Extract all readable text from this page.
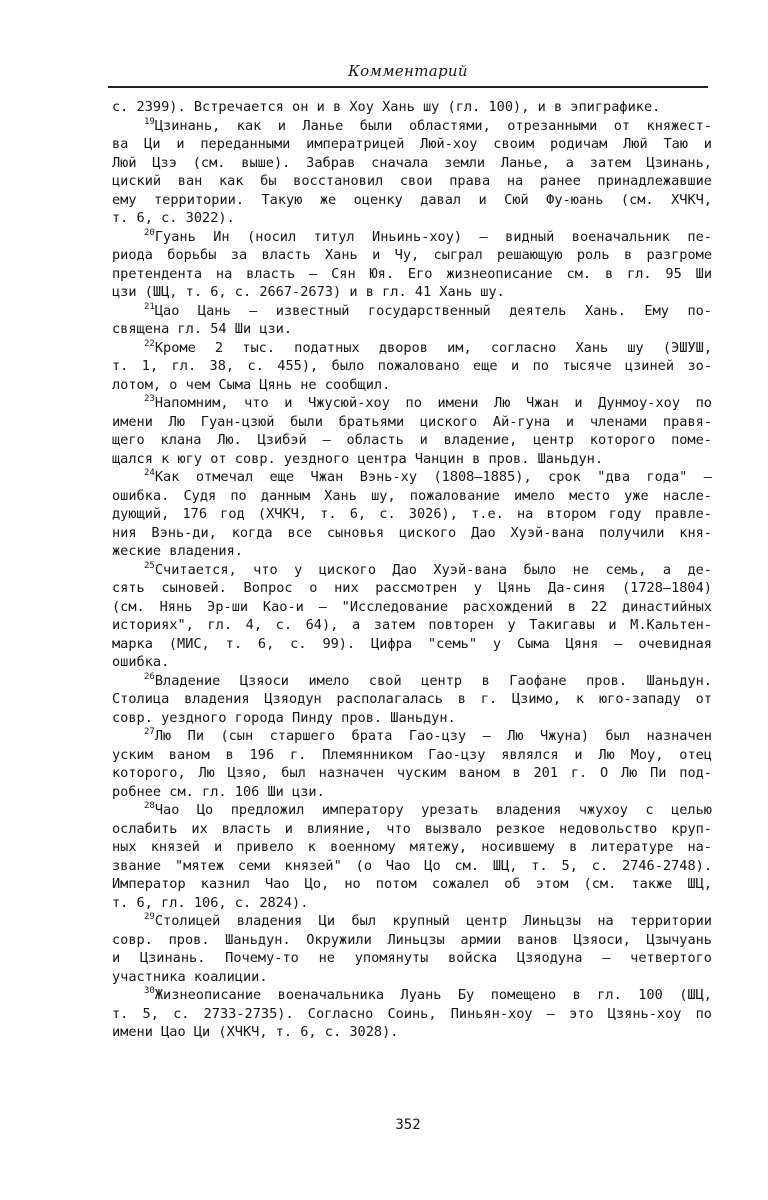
Комментарий
с. 2399). Встречается он и в Хоу Хань шу (гл. 100), и в эпиграфике.
$^{19}$Цзинань, как и Ланье были областями, отрезанными от княжест-
ва Ци и переданными императрицей Люй-хоу своим родичам Люй Таю и
Люй Цзэ (см. выше). Забрав сначала земли Ланье, а затем Цзинань,
циский ван как бы восстановил свои права на ранее принадлежавшие
ему территории. Такую же оценку давал и Сюй Фу-юань (см. ХЧКЧ,
т. 6, с. 3022).
$^{20}$Гуань Ин (носил титул Иньинь-хоу) — видный военачальник пе-
риода борьбы за власть Хань и Чу, сыграл решающую роль в разгроме
претендента на власть — Сян Юя. Его жизнеописание см. в гл. 95 Ши
цзи (ШЦ, т. 6, с. 2667-2673) и в гл. 41 Хань шу.
$^{21}$Цао Цань — известный государственный деятель Хань. Ему по-
священа гл. 54 Ши цзи.
$^{22}$Кроме 2 тыс. податных дворов им, согласно Хань шу (ЭШУШ,
т. 1, гл. 38, с. 455), было пожаловано еще и по тысяче цзиней зо-
лотом, о чем Сыма Цянь не сообщил.
$^{23}$Напомним, что и Чжусюй-хоу по имени Лю Чжан и Дунмоу-хоу по
имени Лю Гуан-цзюй были братьями циского Ай-гуна и членами правя-
щего клана Лю. Цзибэй — область и владение, центр которого поме-
щался к югу от совр. уездного центра Чанцин в пров. Шаньдун.
$^{24}$Как отмечал еще Чжан Вэнь-ху (1808—1885), срок "два года" —
ошибка. Судя по данным Хань шу, пожалование имело место уже насле-
дующий, 176 год (ХЧКЧ, т. 6, с. 3026), т.е. на втором году правле-
ния Вэнь-ди, когда все сыновья циского Дао Хуэй-вана получили кня-
жеские владения.
$^{25}$Считается, что у циского Дао Хуэй-вана было не семь, а де-
сять сыновей. Вопрос о них рассмотрен у Цянь Да-синя (1728—1804)
(см. Нянь Эр-ши Као-и — "Исследование расхождений в 22 династийных
историях", гл. 4, с. 64), а затем повторен у Такигавы и М.Кальтен-
марка (МИС, т. 6, с. 99). Цифра "семь" у Сыма Цяня — очевидная
ошибка.
$^{26}$Владение Цзяоси имело свой центр в Гаофане пров. Шаньдун.
Столица владения Цзяодун располагалась в г. Цзимо, к юго-западу от
совр. уездного города Пинду пров. Шаньдун.
$^{27}$Лю Пи (сын старшего брата Гао-цзу — Лю Чжуна) был назначен
уским ваном в 196 г. Племянником Гао-цзу являлся и Лю Моу, отец
которого, Лю Цзяо, был назначен чуским ваном в 201 г. О Лю Пи под-
робнее см. гл. 106 Ши цзи.
$^{28}$Чао Цо предложил императору урезать владения чжухоу с целью
ослабить их власть и влияние, что вызвало резкое недовольство круп-
ных князей и привело к военному мятежу, носившему в литературе на-
звание "мятеж семи князей" (о Чао Цо см. ШЦ, т. 5, с. 2746-2748).
Император казнил Чао Цо, но потом сожалел об этом (см. также ШЦ,
т. 6, гл. 106, с. 2824).
$^{29}$Столицей владения Ци был крупный центр Линьцзы на территории
совр. пров. Шаньдун. Окружили Линьцзы армии ванов Цзяоси, Цзычуань
и Цзинань. Почему-то не упомянуты войска Цзяодуна — четвертого
участника коалиции.
$^{30}$Жизнеописание военачальника Луань Бу помещено в гл. 100 (ШЦ,
т. 5, с. 2733-2735). Согласно Соинь, Пиньян-хоу — это Цзянь-хоу по
имени Цао Ци (ХЧКЧ, т. 6, с. 3028).
352
